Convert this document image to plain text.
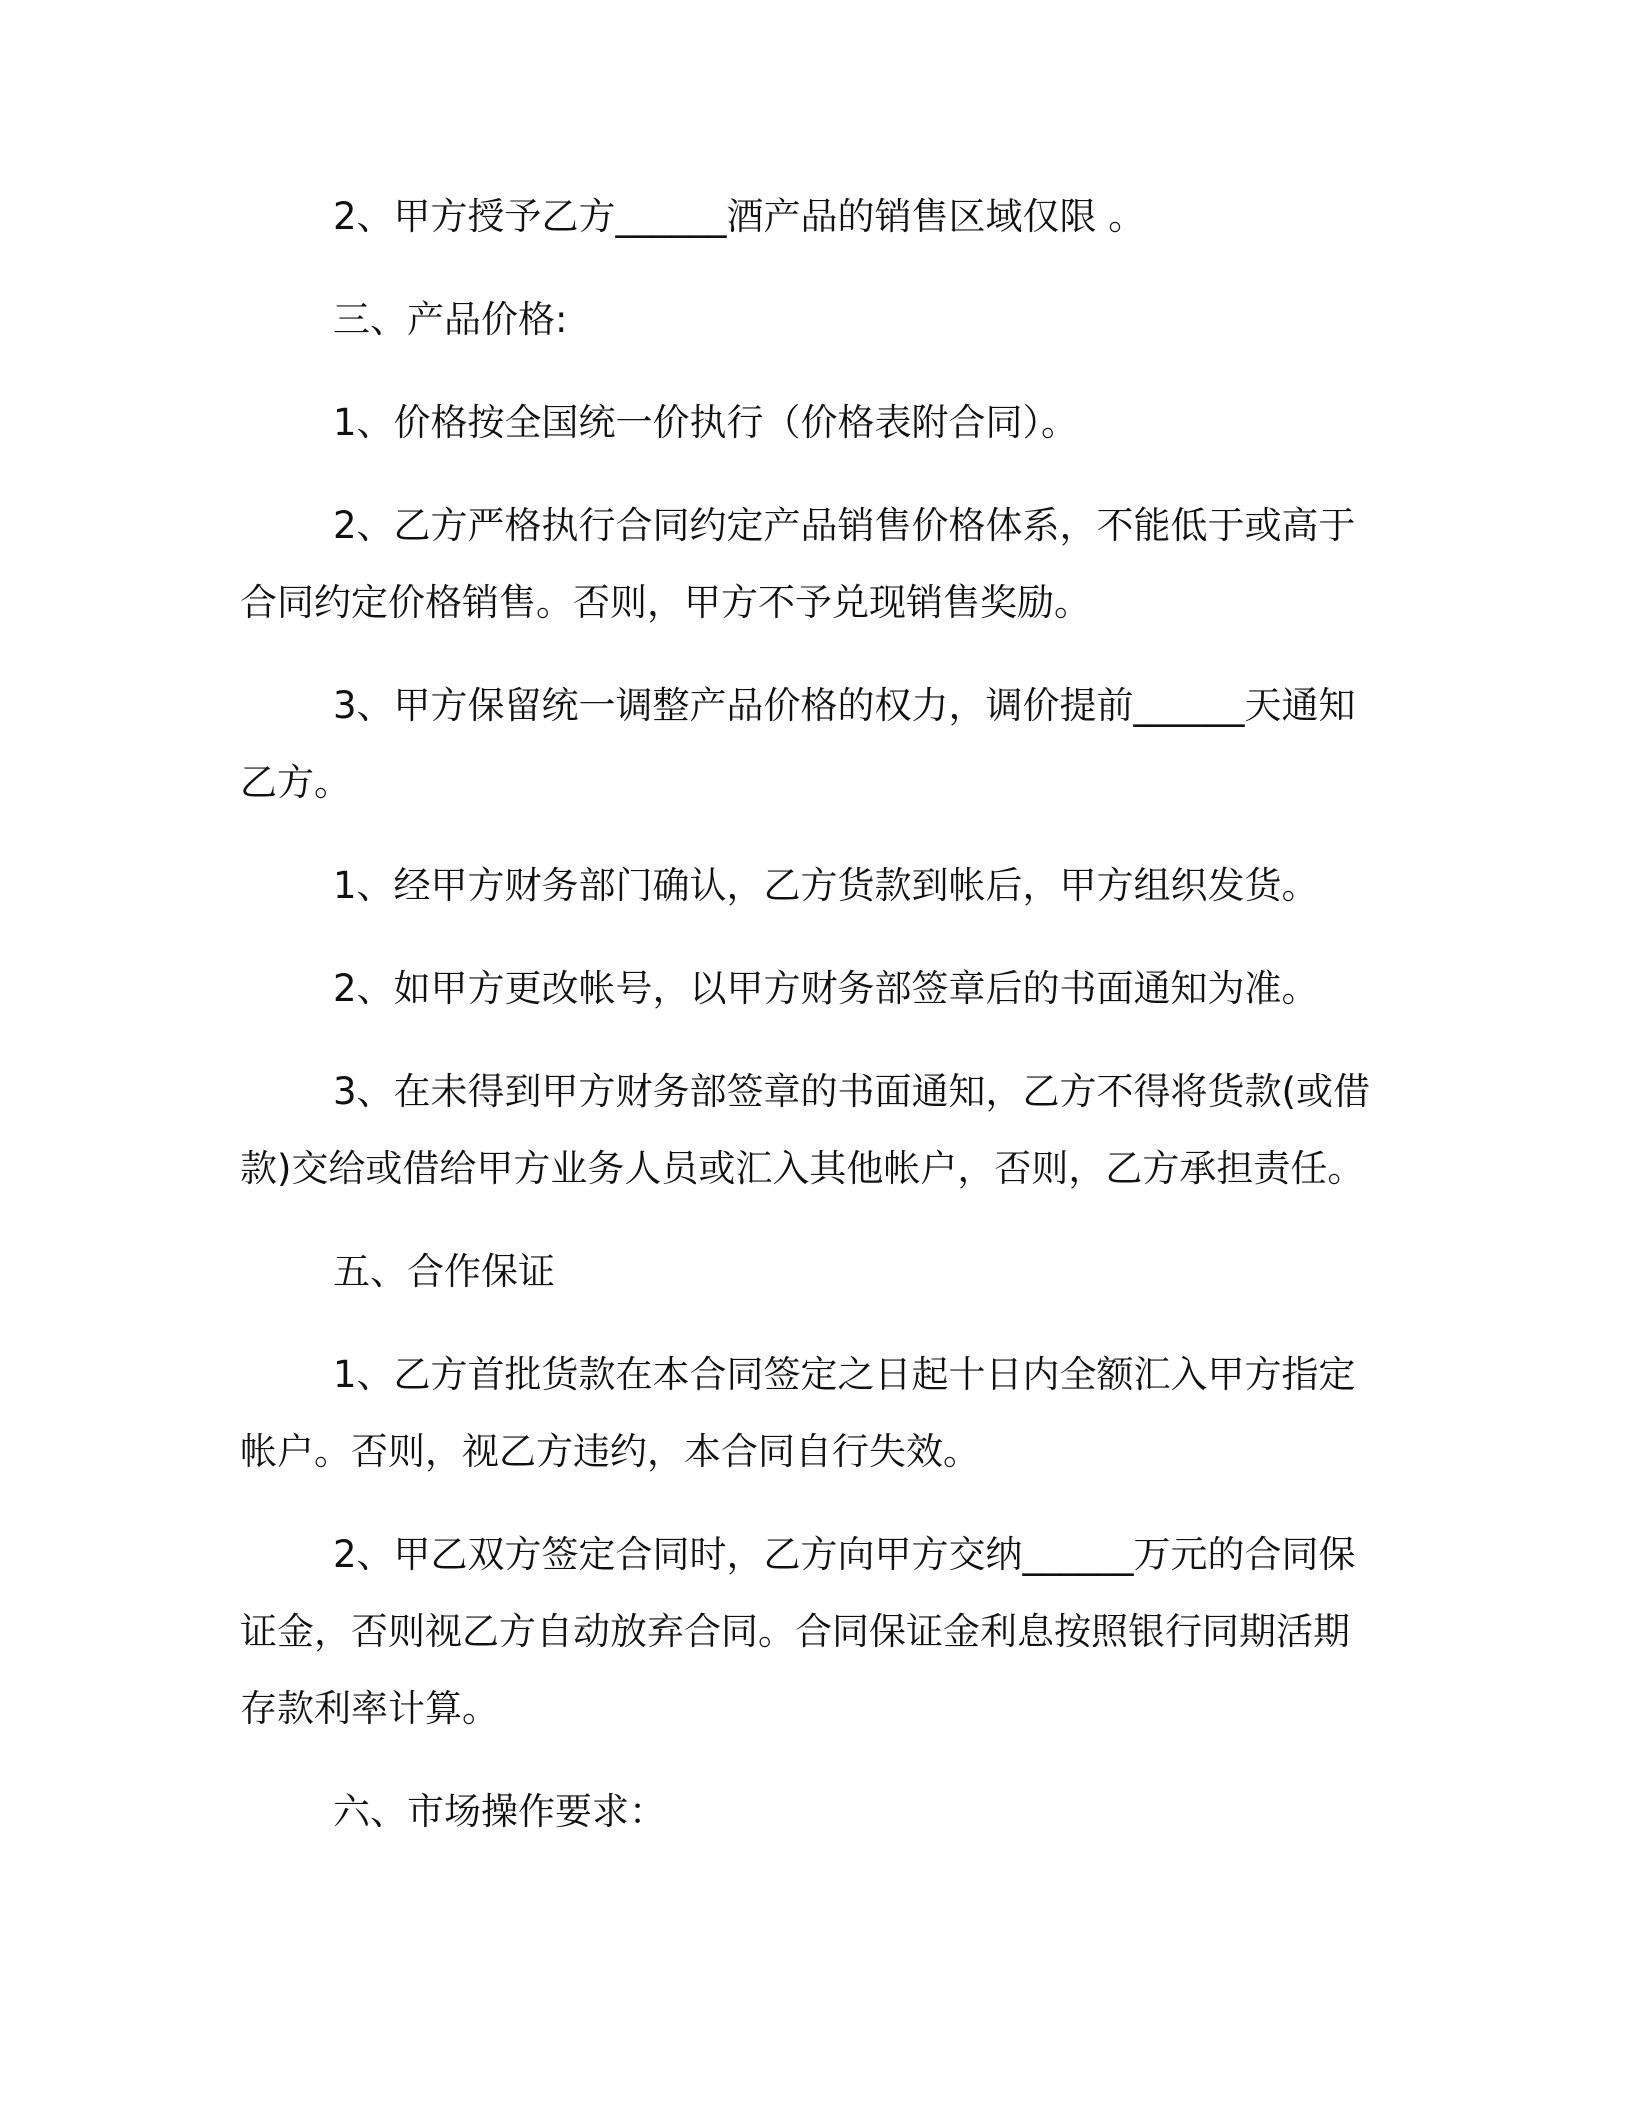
2、甲方授予乙方______酒产品的销售区域仅限 。
三、产品价格:
1、价格按全国统一价执行（价格表附合同）。
2、乙方严格执行合同约定产品销售价格体系，不能低于或高于
合同约定价格销售。否则，甲方不予兑现销售奖励。
3、甲方保留统一调整产品价格的权力，调价提前______天通知
乙方。
1、经甲方财务部门确认，乙方货款到帐后，甲方组织发货。
2、如甲方更改帐号，以甲方财务部签章后的书面通知为准。
3、在未得到甲方财务部签章的书面通知，乙方不得将货款(或借
款)交给或借给甲方业务人员或汇入其他帐户，否则，乙方承担责任。
五、合作保证
1、乙方首批货款在本合同签定之日起十日内全额汇入甲方指定
帐户。否则，视乙方违约，本合同自行失效。
2、甲乙双方签定合同时，乙方向甲方交纳______万元的合同保
证金，否则视乙方自动放弃合同。合同保证金利息按照银行同期活期
存款利率计算。
六、市场操作要求：
